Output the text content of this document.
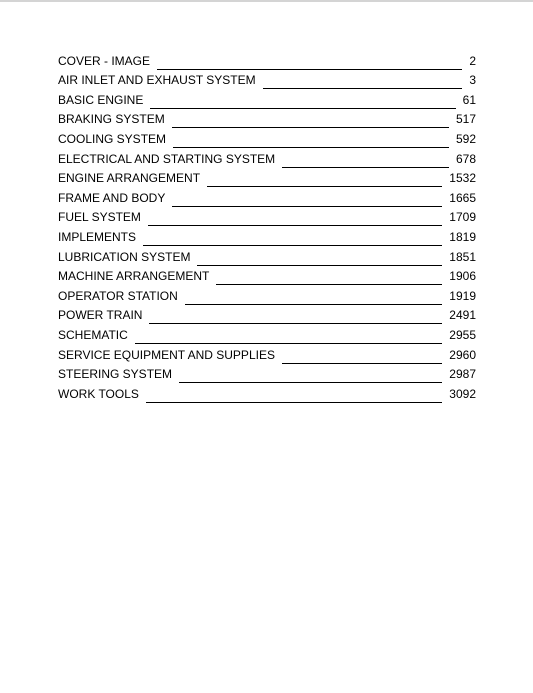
COVER - IMAGE	2
AIR INLET AND EXHAUST SYSTEM	3
BASIC ENGINE	61
BRAKING SYSTEM	517
COOLING SYSTEM	592
ELECTRICAL AND STARTING SYSTEM	678
ENGINE ARRANGEMENT	1532
FRAME AND BODY	1665
FUEL SYSTEM	1709
IMPLEMENTS	1819
LUBRICATION SYSTEM	1851
MACHINE ARRANGEMENT	1906
OPERATOR STATION	1919
POWER TRAIN	2491
SCHEMATIC	2955
SERVICE EQUIPMENT AND SUPPLIES	2960
STEERING SYSTEM	2987
WORK TOOLS	3092
